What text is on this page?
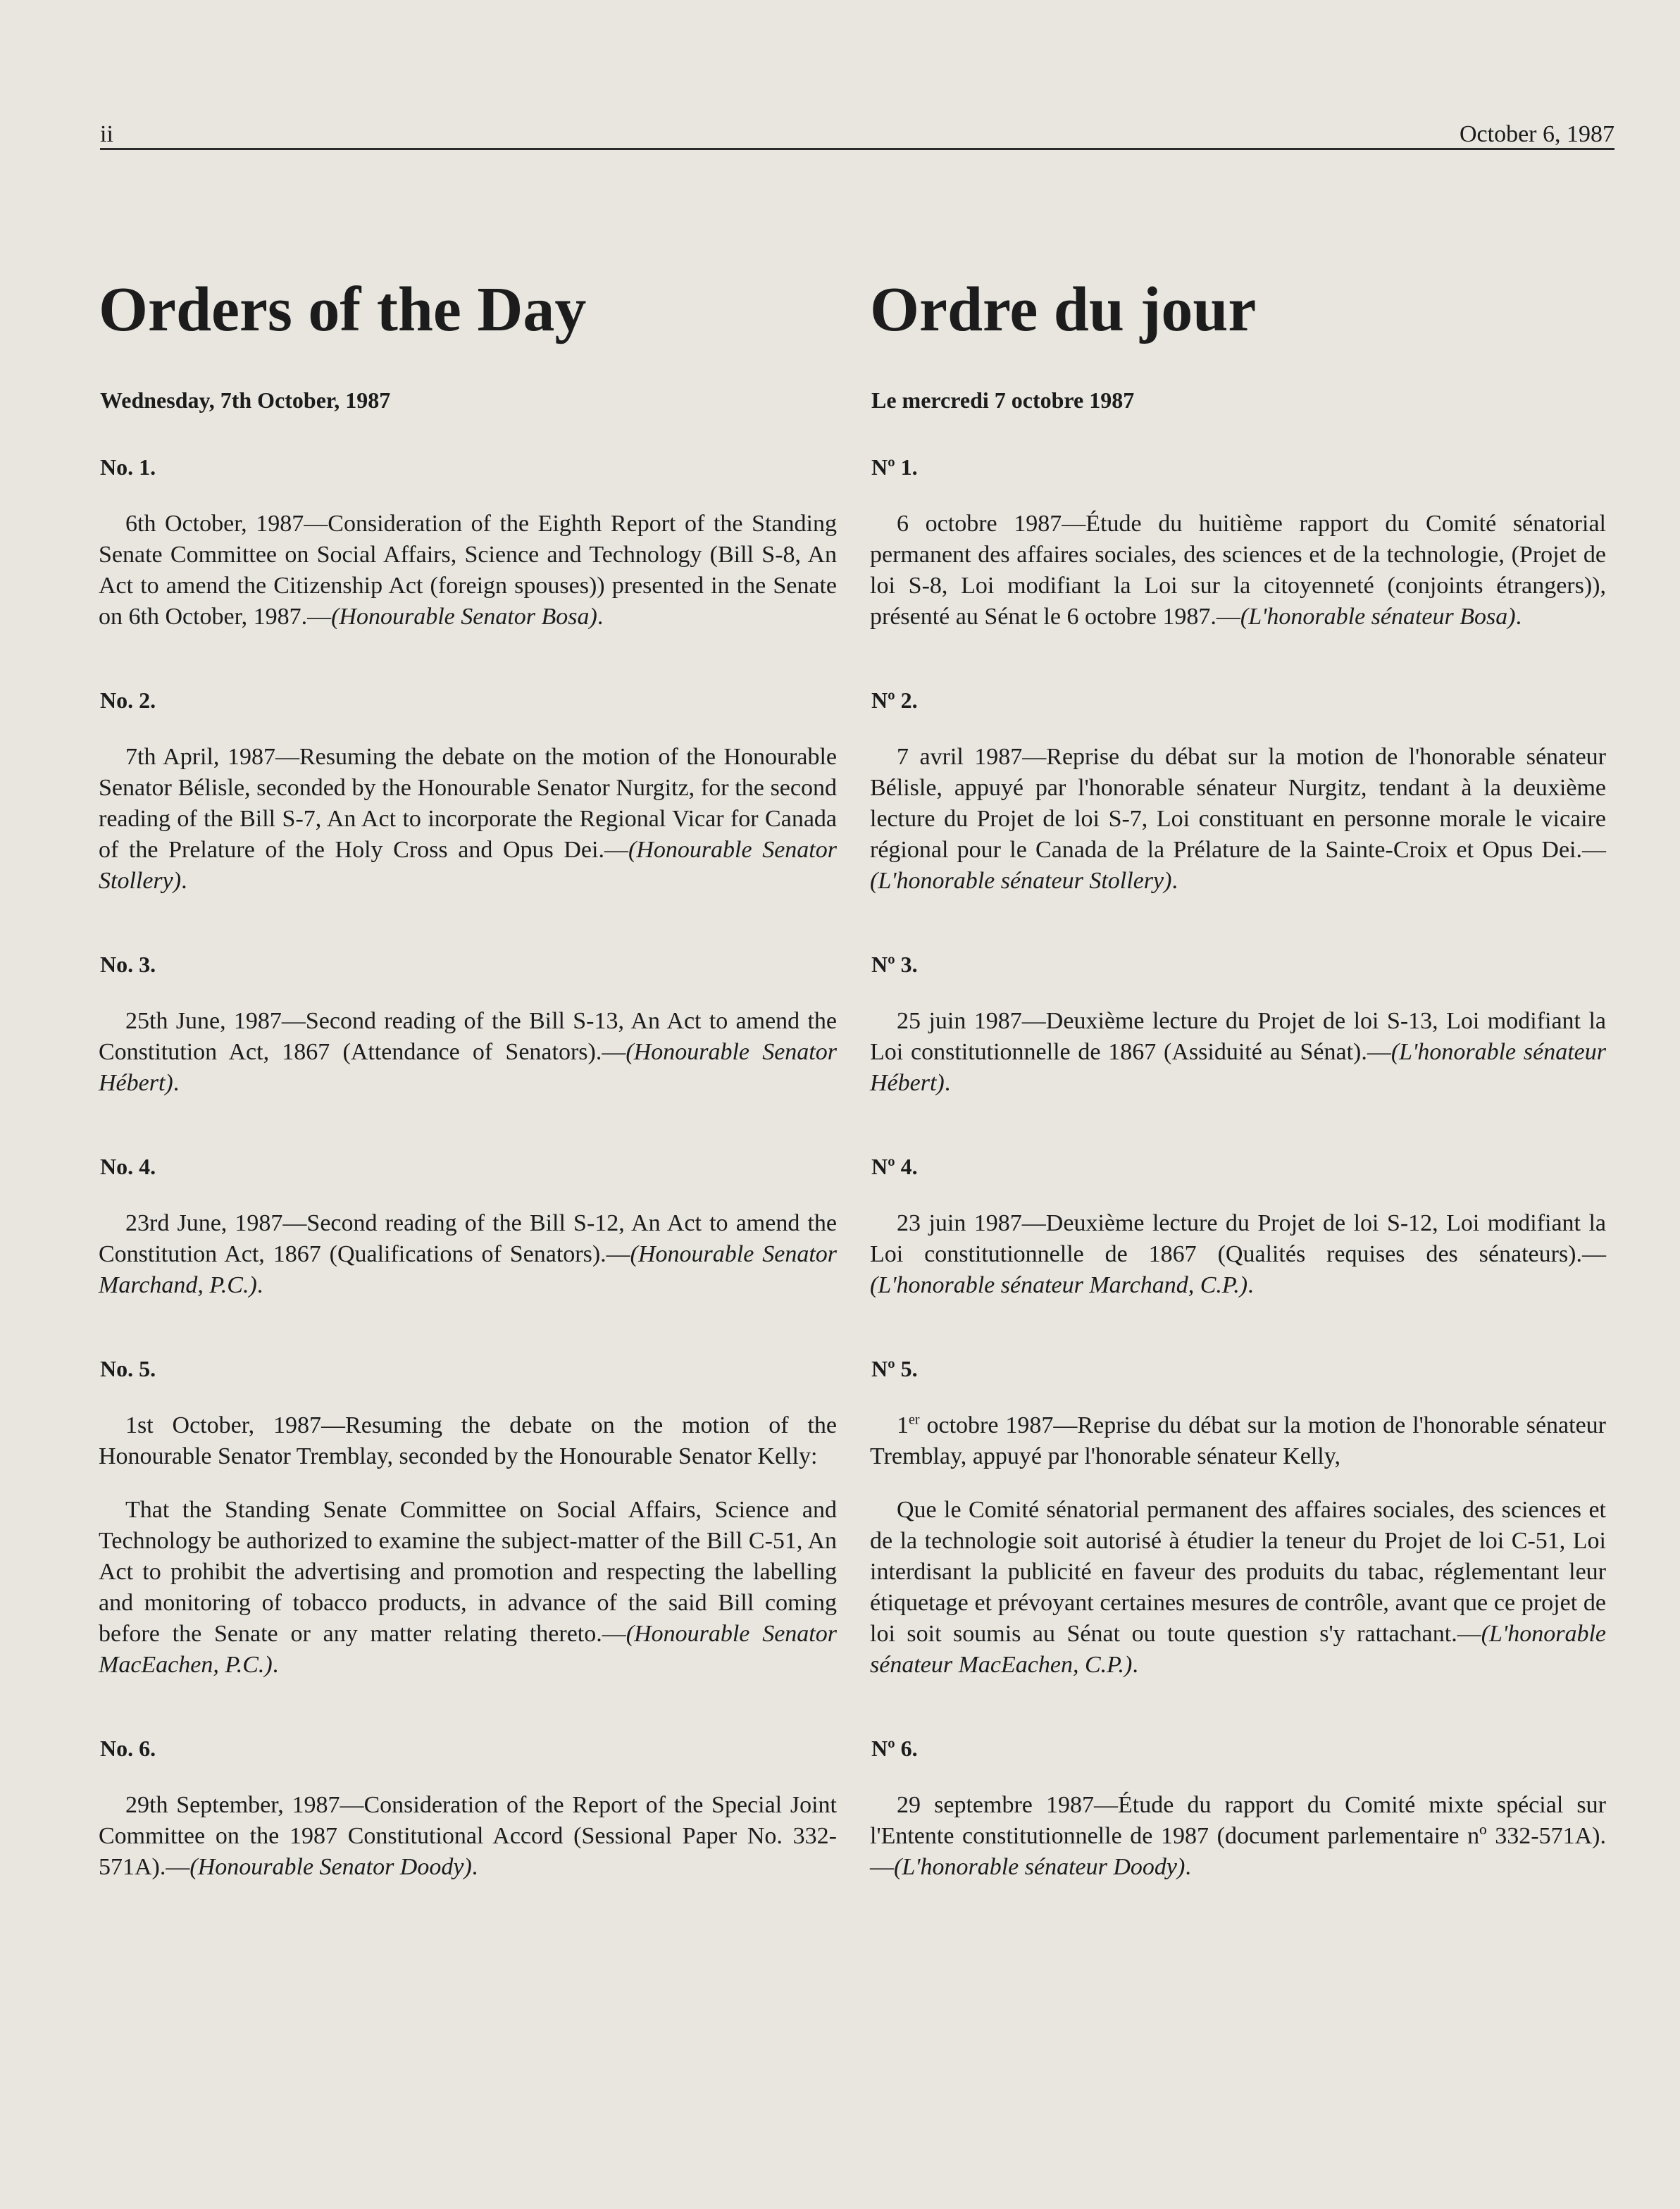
ii	October 6, 1987
Orders of the Day
Wednesday, 7th October, 1987
No. 1.

6th October, 1987—Consideration of the Eighth Report of the Standing Senate Committee on Social Affairs, Science and Technology (Bill S-8, An Act to amend the Citizenship Act (foreign spouses)) presented in the Senate on 6th October, 1987.—(Honourable Senator Bosa).

No. 2.

7th April, 1987—Resuming the debate on the motion of the Honourable Senator Bélisle, seconded by the Honourable Senator Nurgitz, for the second reading of the Bill S-7, An Act to incorporate the Regional Vicar for Canada of the Prelature of the Holy Cross and Opus Dei.—(Honourable Senator Stollery).

No. 3.

25th June, 1987—Second reading of the Bill S-13, An Act to amend the Constitution Act, 1867 (Attendance of Senators).—(Honourable Senator Hébert).

No. 4.

23rd June, 1987—Second reading of the Bill S-12, An Act to amend the Constitution Act, 1867 (Qualifications of Senators).—(Honourable Senator Marchand, P.C.).

No. 5.

1st October, 1987—Resuming the debate on the motion of the Honourable Senator Tremblay, seconded by the Honourable Senator Kelly:

That the Standing Senate Committee on Social Affairs, Science and Technology be authorized to examine the subject-matter of the Bill C-51, An Act to prohibit the advertising and promotion and respecting the labelling and monitoring of tobacco products, in advance of the said Bill coming before the Senate or any matter relating thereto.—(Honourable Senator MacEachen, P.C.).

No. 6.

29th September, 1987—Consideration of the Report of the Special Joint Committee on the 1987 Constitutional Accord (Sessional Paper No. 332-571A).—(Honourable Senator Doody).

Ordre du jour
Le mercredi 7 octobre 1987
Nº 1.

6 octobre 1987—Étude du huitième rapport du Comité sénatorial permanent des affaires sociales, des sciences et de la technologie, (Projet de loi S-8, Loi modifiant la Loi sur la citoyenneté (conjoints étrangers)), présenté au Sénat le 6 octobre 1987.—(L'honorable sénateur Bosa).

Nº 2.

7 avril 1987—Reprise du débat sur la motion de l'honorable sénateur Bélisle, appuyé par l'honorable sénateur Nurgitz, tendant à la deuxième lecture du Projet de loi S-7, Loi constituant en personne morale le vicaire régional pour le Canada de la Prélature de la Sainte-Croix et Opus Dei.—(L'honorable sénateur Stollery).

Nº 3.

25 juin 1987—Deuxième lecture du Projet de loi S-13, Loi modifiant la Loi constitutionnelle de 1867 (Assiduité au Sénat).—(L'honorable sénateur Hébert).

Nº 4.

23 juin 1987—Deuxième lecture du Projet de loi S-12, Loi modifiant la Loi constitutionnelle de 1867 (Qualités requises des sénateurs).—(L'honorable sénateur Marchand, C.P.).

Nº 5.

1er octobre 1987—Reprise du débat sur la motion de l'honorable sénateur Tremblay, appuyé par l'honorable sénateur Kelly,

Que le Comité sénatorial permanent des affaires sociales, des sciences et de la technologie soit autorisé à étudier la teneur du Projet de loi C-51, Loi interdisant la publicité en faveur des produits du tabac, réglementant leur étiquetage et prévoyant certaines mesures de contrôle, avant que ce projet de loi soit soumis au Sénat ou toute question s'y rattachant.—(L'honorable sénateur MacEachen, C.P.).

Nº 6.

29 septembre 1987—Étude du rapport du Comité mixte spécial sur l'Entente constitutionnelle de 1987 (document parlementaire nº 332-571A).—(L'honorable sénateur Doody).
